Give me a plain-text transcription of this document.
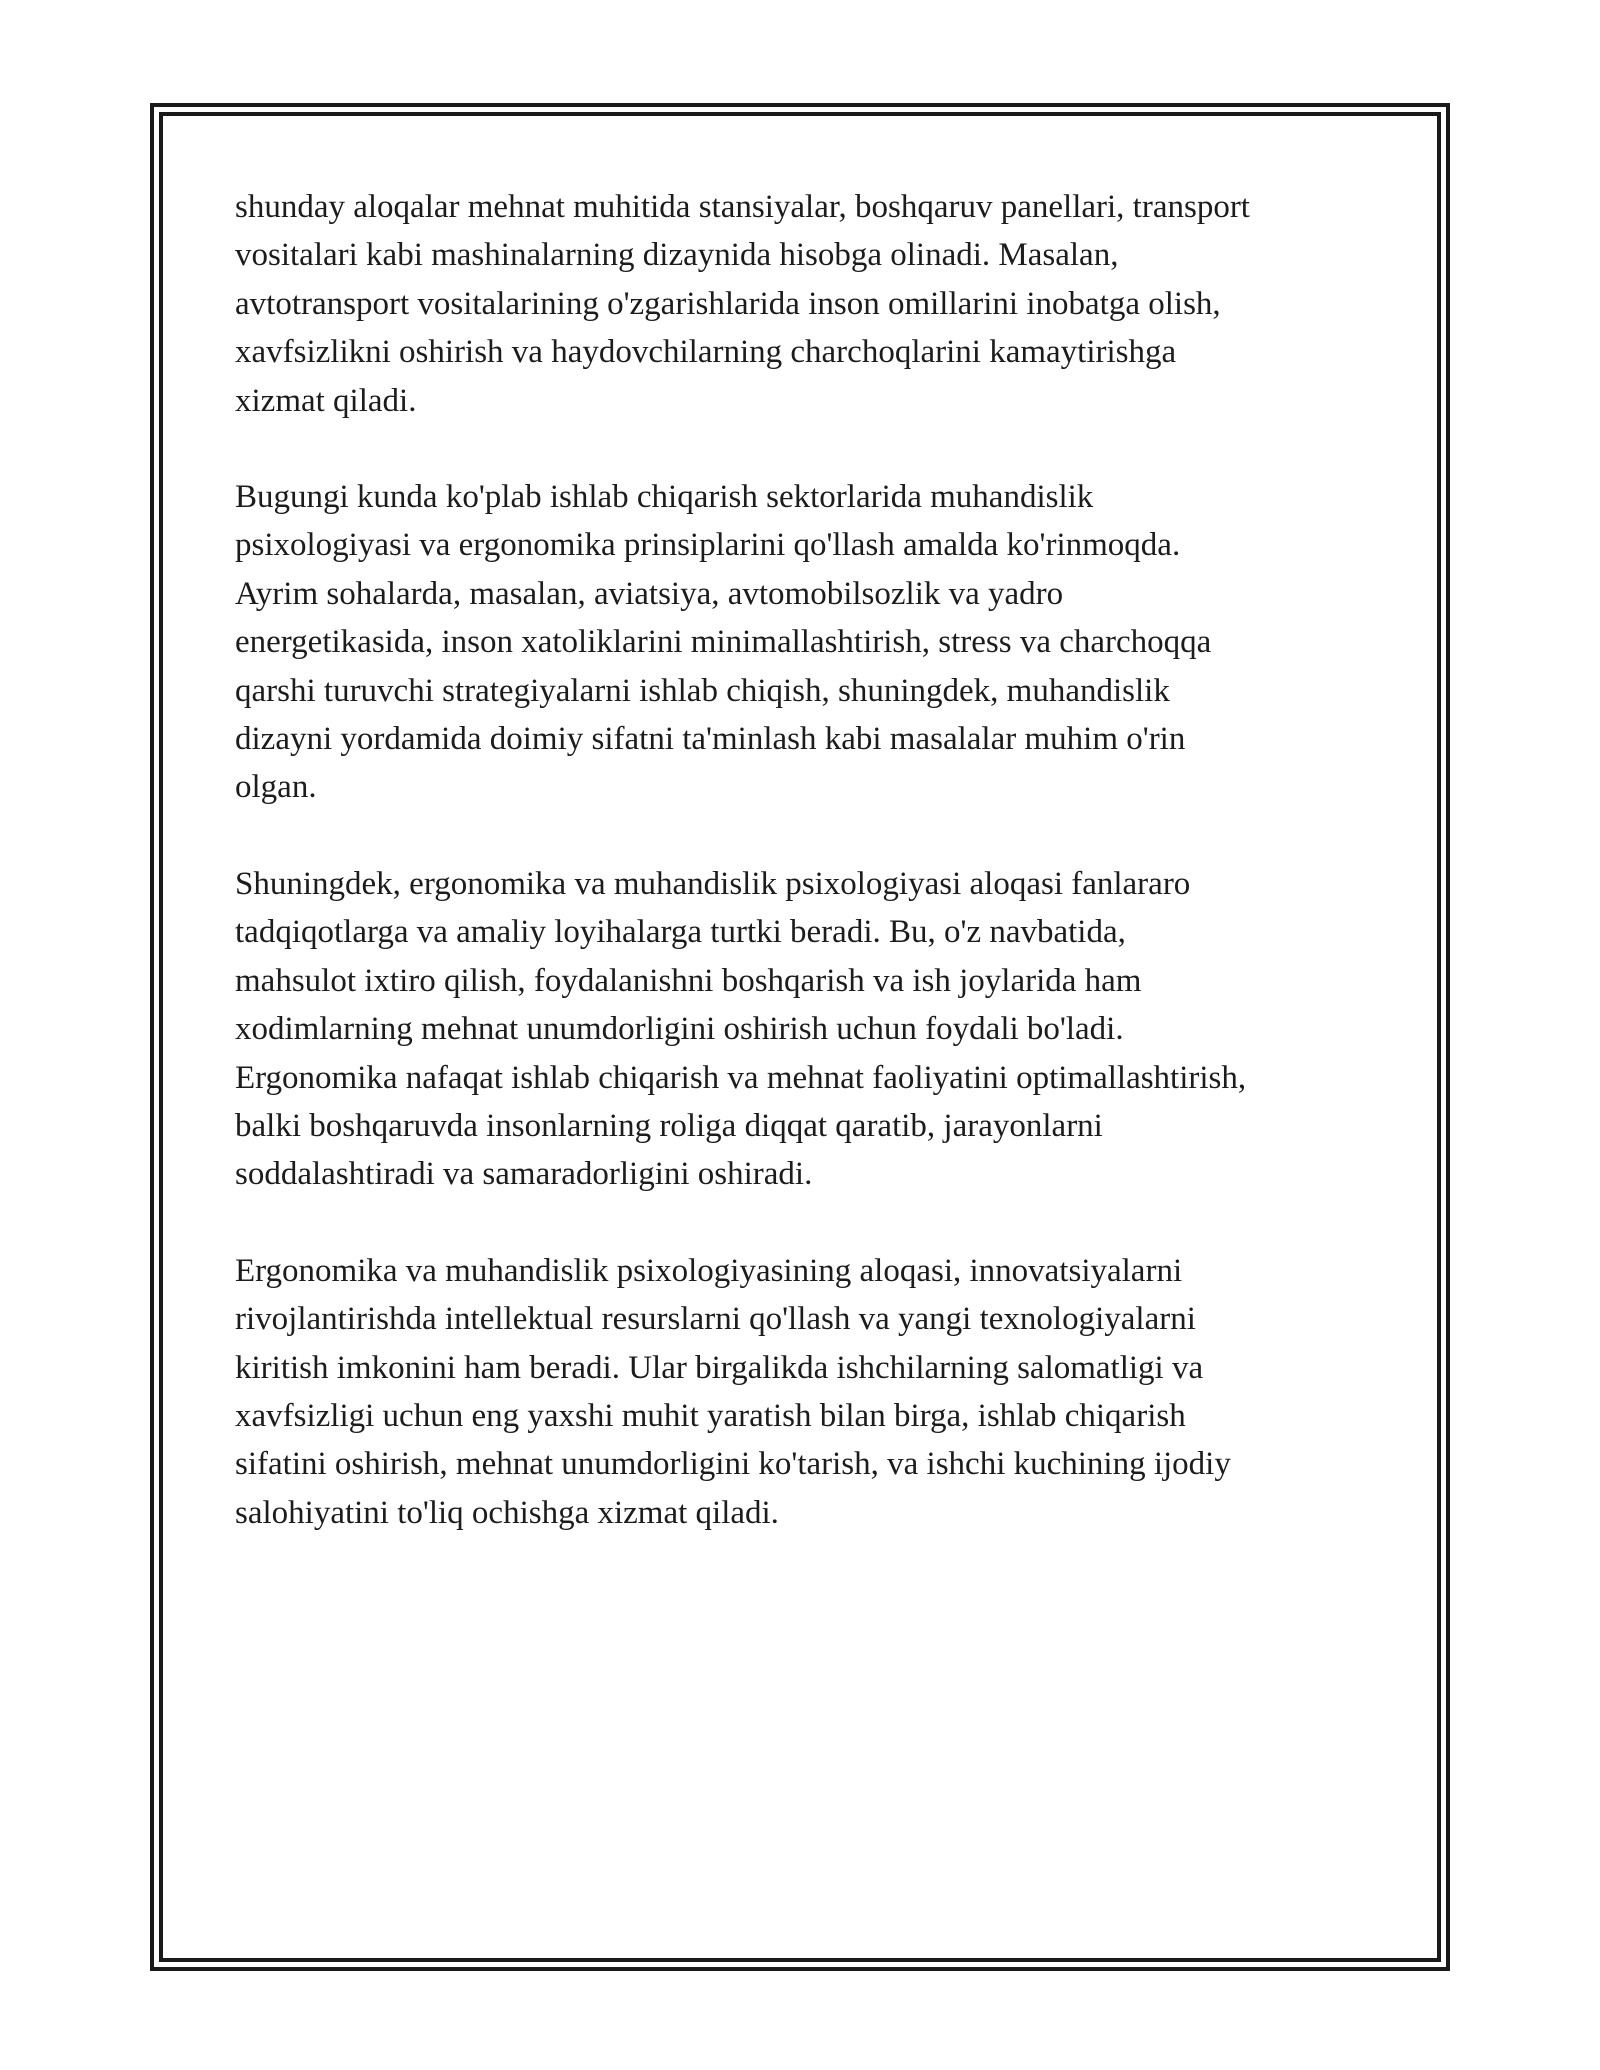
shunday aloqalar mehnat muhitida stansiyalar, boshqaruv panellari, transport
vositalari kabi mashinalarning dizaynida hisobga olinadi. Masalan,
avtotransport vositalarining o'zgarishlarida inson omillarini inobatga olish,
xavfsizlikni oshirish va haydovchilarning charchoqlarini kamaytirishga
xizmat qiladi.

Bugungi kunda ko'plab ishlab chiqarish sektorlarida muhandislik
psixologiyasi va ergonomika prinsiplarini qo'llash amalda ko'rinmoqda.
Ayrim sohalarda, masalan, aviatsiya, avtomobilsozlik va yadro
energetikasida, inson xatoliklarini minimallashtirish, stress va charchoqqa
qarshi turuvchi strategiyalarni ishlab chiqish, shuningdek, muhandislik
dizayni yordamida doimiy sifatni ta'minlash kabi masalalar muhim o'rin
olgan.

Shuningdek, ergonomika va muhandislik psixologiyasi aloqasi fanlararo
tadqiqotlarga va amaliy loyihalarga turtki beradi. Bu, o'z navbatida,
mahsulot ixtiro qilish, foydalanishni boshqarish va ish joylarida ham
xodimlarning mehnat unumdorligini oshirish uchun foydali bo'ladi.
Ergonomika nafaqat ishlab chiqarish va mehnat faoliyatini optimallashtirish,
balki boshqaruvda insonlarning roliga diqqat qaratib, jarayonlarni
soddalashtiradi va samaradorligini oshiradi.

Ergonomika va muhandislik psixologiyasining aloqasi, innovatsiyalarni
rivojlantirishda intellektual resurslarni qo'llash va yangi texnologiyalarni
kiritish imkonini ham beradi. Ular birgalikda ishchilarning salomatligi va
xavfsizligi uchun eng yaxshi muhit yaratish bilan birga, ishlab chiqarish
sifatini oshirish, mehnat unumdorligini ko'tarish, va ishchi kuchining ijodiy
salohiyatini to'liq ochishga xizmat qiladi.
